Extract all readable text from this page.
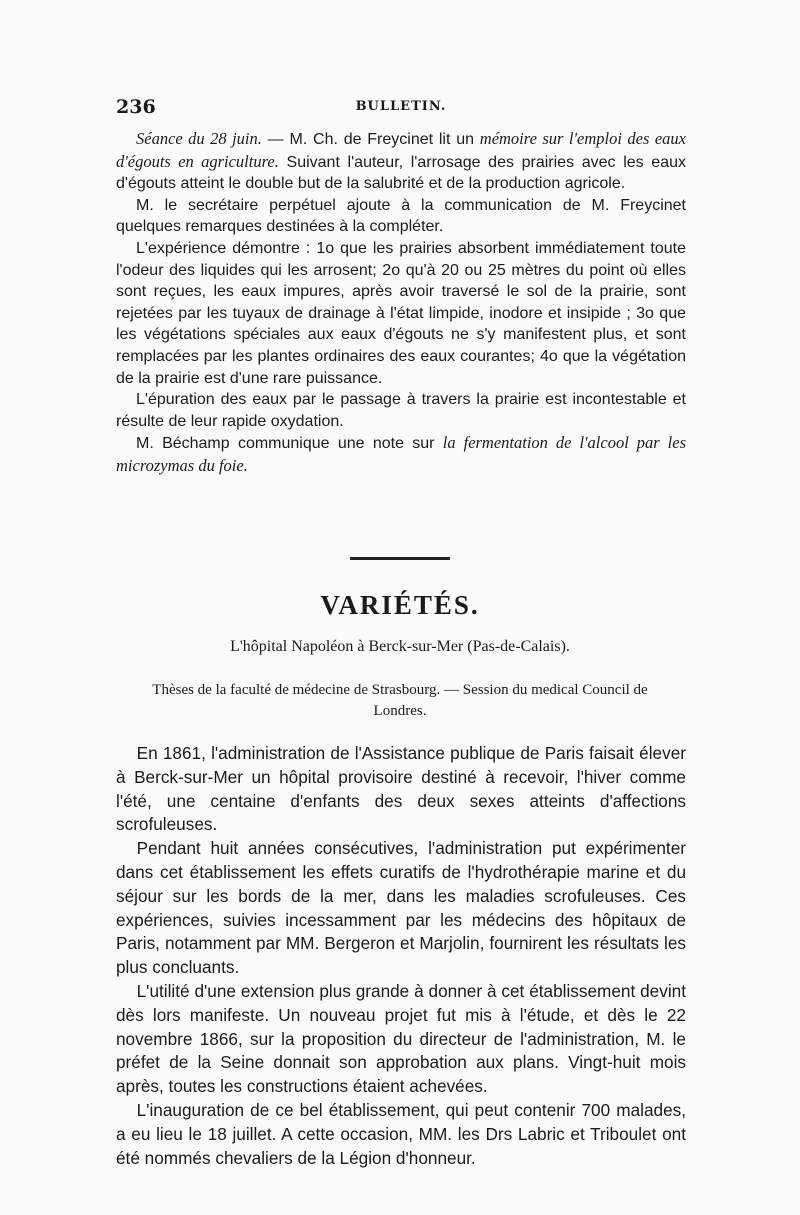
236	BULLETIN.

Séance du 28 juin. — M. Ch. de Freycinet lit un mémoire sur l'emploi des eaux d'égouts en agriculture. Suivant l'auteur, l'arrosage des prairies avec les eaux d'égouts atteint le double but de la salubrité et de la production agricole.

M. le secrétaire perpétuel ajoute à la communication de M. Freycinet quelques remarques destinées à la compléter.

L'expérience démontre : 1o que les prairies absorbent immédiatement toute l'odeur des liquides qui les arrosent; 2o qu'à 20 ou 25 mètres du point où elles sont reçues, les eaux impures, après avoir traversé le sol de la prairie, sont rejetées par les tuyaux de drainage à l'état limpide, inodore et insipide ; 3o que les végétations spéciales aux eaux d'égouts ne s'y manifestent plus, et sont remplacées par les plantes ordinaires des eaux courantes; 4o que la végétation de la prairie est d'une rare puissance.

L'épuration des eaux par le passage à travers la prairie est incontestable et résulte de leur rapide oxydation.

M. Béchamp communique une note sur la fermentation de l'alcool par les microzymas du foie.

VARIÉTÉS.
L'hôpital Napoléon à Berck-sur-Mer (Pas-de-Calais).
Thèses de la faculté de médecine de Strasbourg. — Session du medical Council de Londres.

En 1861, l'administration de l'Assistance publique de Paris faisait élever à Berck-sur-Mer un hôpital provisoire destiné à recevoir, l'hiver comme l'été, une centaine d'enfants des deux sexes atteints d'affections scrofuleuses.

Pendant huit années consécutives, l'administration put expérimenter dans cet établissement les effets curatifs de l'hydrothérapie marine et du séjour sur les bords de la mer, dans les maladies scrofuleuses. Ces expériences, suivies incessamment par les médecins des hôpitaux de Paris, notamment par MM. Bergeron et Marjolin, fournirent les résultats les plus concluants.

L'utilité d'une extension plus grande à donner à cet établissement devint dès lors manifeste. Un nouveau projet fut mis à l'étude, et dès le 22 novembre 1866, sur la proposition du directeur de l'administration, M. le préfet de la Seine donnait son approbation aux plans. Vingt-huit mois après, toutes les constructions étaient achevées.

L'inauguration de ce bel établissement, qui peut contenir 700 malades, a eu lieu le 18 juillet. A cette occasion, MM. les Drs Labric et Triboulet ont été nommés chevaliers de la Légion d'honneur.
